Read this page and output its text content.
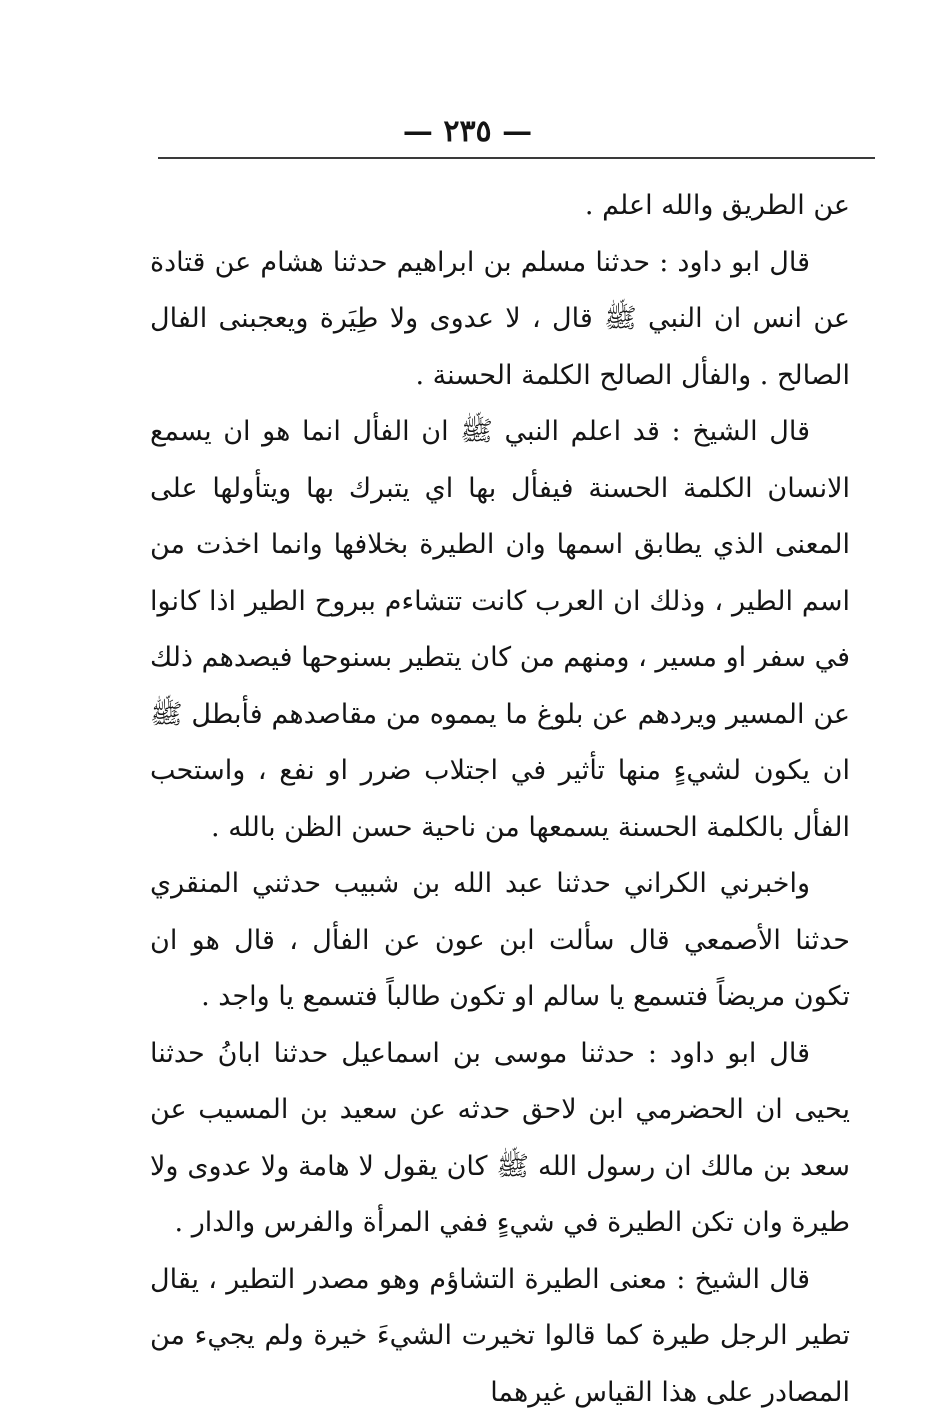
— ٢٣٥ —

عن الطريق والله اعلم .

قال ابو داود : حدثنا مسلم بن ابراهيم حدثنا هشام عن قتادة عن انس ان النبي ﷺ قال ، لا عدوى ولا طِيَرة ويعجبنى الفال الصالح . والفأل الصالح الكلمة الحسنة .

قال الشيخ : قد اعلم النبي ﷺ ان الفأل انما هو ان يسمع الانسان الكلمة الحسنة فيفأل بها اي يتبرك بها ويتأولها على المعنى الذي يطابق اسمها وان الطيرة بخلافها وانما اخذت من اسم الطير ، وذلك ان العرب كانت تتشاءم ببروح الطير اذا كانوا في سفر او مسير ، ومنهم من كان يتطير بسنوحها فيصدهم ذلك عن المسير ويردهم عن بلوغ ما يمموه من مقاصدهم فأبطل ﷺ ان يكون لشيءٍ منها تأثير في اجتلاب ضرر او نفع ، واستحب الفأل بالكلمة الحسنة يسمعها من ناحية حسن الظن بالله .

واخبرني الكراني حدثنا عبد الله بن شبيب حدثني المنقري حدثنا الأصمعي قال سألت ابن عون عن الفأل ، قال هو ان تكون مريضاً فتسمع يا سالم او تكون طالباً فتسمع يا واجد .

قال ابو داود : حدثنا موسى بن اسماعيل حدثنا ابانُ حدثنا يحيى ان الحضرمي ابن لاحق حدثه عن سعيد بن المسيب عن سعد بن مالك ان رسول الله ﷺ كان يقول لا هامة ولا عدوى ولا طيرة وان تكن الطيرة في شيءٍ ففي المرأة والفرس والدار .

قال الشيخ : معنى الطيرة التشاؤم وهو مصدر التطير ، يقال تطير الرجل طيرة كما قالوا تخيرت الشيءَ خيرة ولم يجيء من المصادر على هذا القياس غيرهما
